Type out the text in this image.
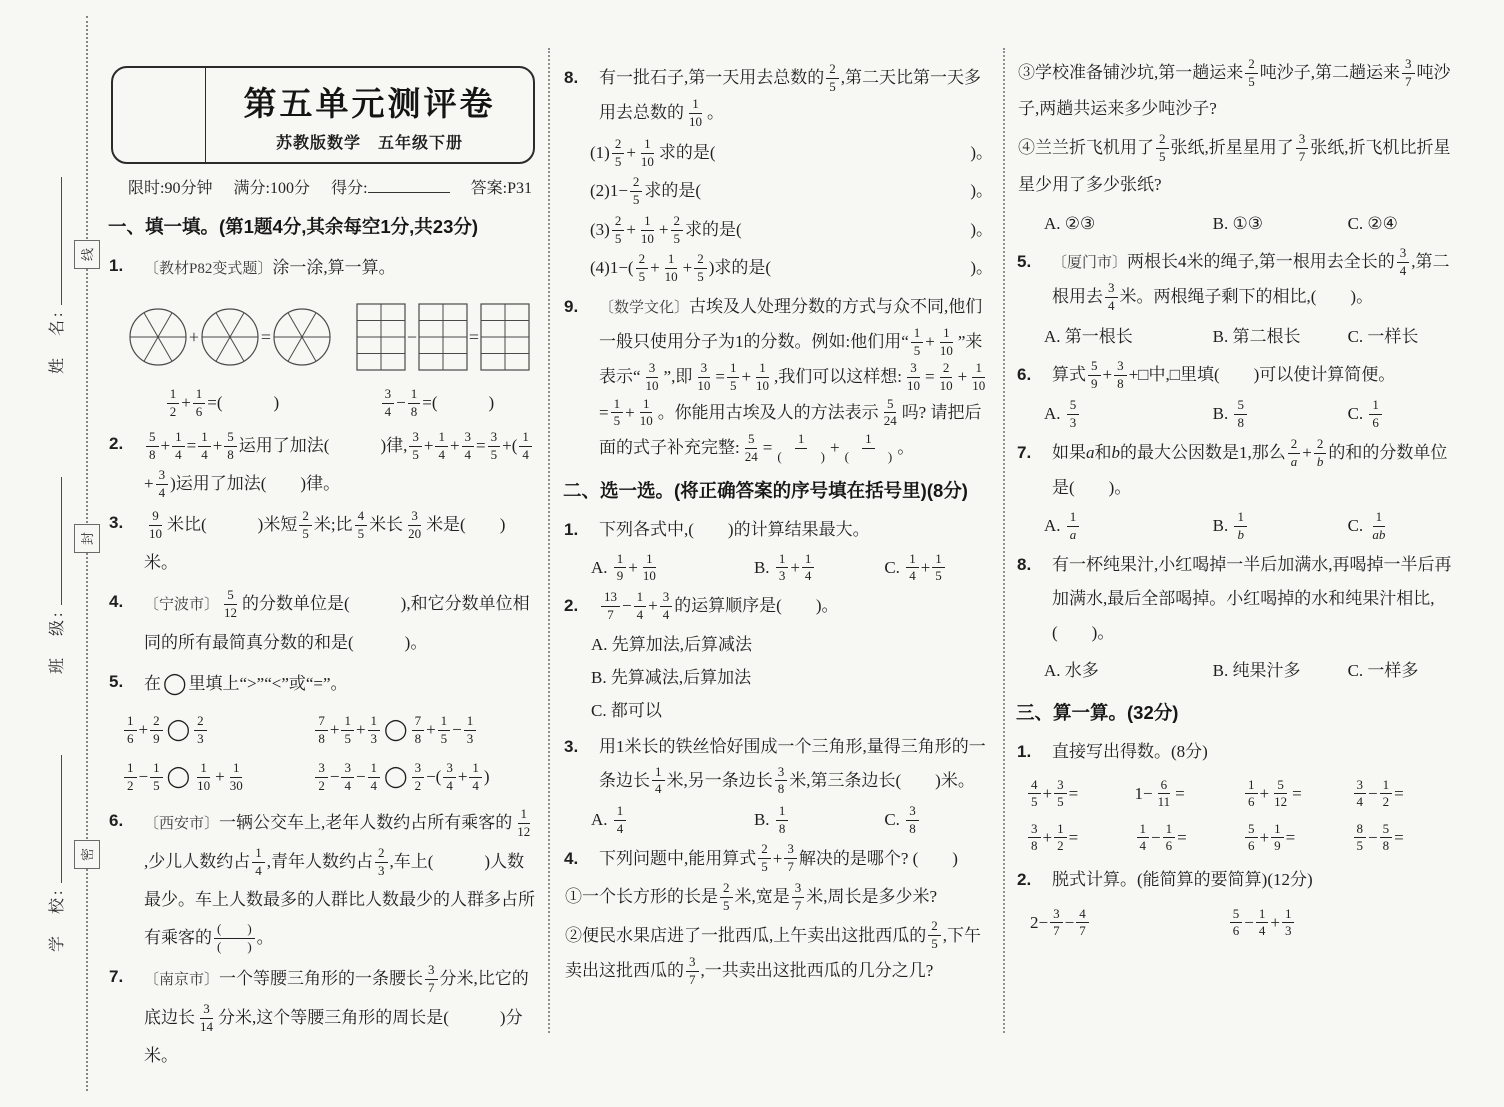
线
封
密
姓　名:
班　级:
学　校:
第五单元测评卷
苏教版数学　五年级下册
限时:90分钟 满分:100分 得分:	答案:P31
一、填一填。(第1题4分,其余每空1分,共23分)
1. 〔教材P82变式题〕涂一涂,算一算。
+	=	−	=
$\frac{1}{2} + \frac{1}{6}$ =(　　　)	$\frac{3}{4} - \frac{1}{8}$ =(　　　)
2. $\frac{5}{8} + \frac{1}{4} = \frac{1}{4} + \frac{5}{8}$ 运用了加法(　　　)律, $\frac{3}{5} + \frac{1}{4} + \frac{3}{4} = \frac{3}{5}$ +( $\frac{1}{4}$
+ $\frac{3}{4}$ )运用了加法(　　)律。
3. $\frac{9}{10}$ 米比(　　　)米短 $\frac{2}{5}$ 米;比 $\frac{4}{5}$ 米长 $\frac{3}{20}$ 米是(　　)米。
4. 〔宁波市〕 $\frac{5}{12}$ 的分数单位是(　　　),和它分数单位相同的所有最简真分数的和是(　　　)。
5. 在◯ 里填上“>”“<”或“=”。
$\frac{1}{6} + \frac{2}{9}$ ◯ $\frac{2}{3}$	$\frac{7}{8} + \frac{1}{5} + \frac{1}{3}$ ◯ $\frac{7}{8} + \frac{1}{5} - \frac{1}{3}$
$\frac{1}{2} - \frac{1}{5}$ ◯ $\frac{1}{10} + \frac{1}{30}$	$\frac{3}{2} - \frac{3}{4} - \frac{1}{4}$ ◯ $\frac{3}{2}$ −( $\frac{3}{4} + \frac{1}{4}$ )
6. 〔西安市〕一辆公交车上,老年人数约占所有乘客的 $\frac{1}{12}$
,少儿人数约占 $\frac{1}{4}$ ,青年人数约占 $\frac{2}{3}$ ,车上(　　　)人数最少。车上人数最多的人群比人数最少的人群多占所有乘客的 $\frac{( )}{( )}$ 。
7. 〔南京市〕一个等腰三角形的一条腰长 $\frac{3}{7}$ 分米,比它的底边长 $\frac{3}{14}$ 分米,这个等腰三角形的周长是(　　　)分米。
8. 有一批石子,第一天用去总数的 $\frac{2}{5}$ ,第二天比第一天多用去总数的 $\frac{1}{10}$ 。
$(1) \frac{2}{5} + \frac{1}{10}$ 求的是(	)。
$(2)1- \frac{2}{5}$ 求的是(	)。
$(3) \frac{2}{5} + \frac{1}{10} + \frac{2}{5}$ 求的是(	)。
$(4)1-( \frac{2}{5} + \frac{1}{10} + \frac{2}{5}$ )求的是(	)。
9. 〔数学文化〕古埃及人处理分数的方式与众不同,他们一般只使用分子为1的分数。例如:他们用“ $\frac{1}{5} + \frac{1}{10}$ ”来表示“ $\frac{3}{10}$ ”,即 $\frac{3}{10} = \frac{1}{5} + \frac{1}{10}$ ,我们可以这样想: $\frac{3}{10} = \frac{2}{10} + \frac{1}{10}$
= $\frac{1}{5} + \frac{1}{10}$ 。你能用古埃及人的方法表示 $\frac{5}{24}$ 吗? 请把后面的式子补充完整: $\frac{5}{24} = \frac{1}{( )} + \frac{1}{( )}$ 。
二、选一选。(将正确答案的序号填在括号里)(8分)
1. 下列各式中,(　　)的计算结果最大。
A. $\frac{1}{9} + \frac{1}{10}$	B. $\frac{1}{3} + \frac{1}{4}$	C. $\frac{1}{4} + \frac{1}{5}$
2. $\frac{13}{7} - \frac{1}{4} + \frac{3}{4}$ 的运算顺序是(　　)。
A. 先算加法,后算减法
B. 先算减法,后算加法
C. 都可以
3. 用1米长的铁丝恰好围成一个三角形,量得三角形的一条边长 $\frac{1}{4}$ 米,另一条边长 $\frac{3}{8}$ 米,第三条边长(　　)米。
A. $\frac{1}{4}$	B. $\frac{1}{8}$	C. $\frac{3}{8}$
4. 下列问题中,能用算式 $\frac{2}{5} + \frac{3}{7}$ 解决的是哪个? (　　)
①一个长方形的长是 $\frac{2}{5}$ 米,宽是 $\frac{3}{7}$ 米,周长是多少米?
②便民水果店进了一批西瓜,上午卖出这批西瓜的 $\frac{2}{5}$ ,下午卖出这批西瓜的 $\frac{3}{7}$ ,一共卖出这批西瓜的几分之几?
③学校准备铺沙坑,第一趟运来 $\frac{2}{5}$ 吨沙子,第二趟运来 $\frac{3}{7}$ 吨沙子,两趟共运来多少吨沙子?
④兰兰折飞机用了 $\frac{2}{5}$ 张纸,折星星用了 $\frac{3}{7}$ 张纸,折飞机比折星星少用了多少张纸?
A. ②③	B. ①③	C. ②④
5. 〔厦门市〕两根长4米的绳子,第一根用去全长的 $\frac{3}{4}$ ,第二根用去 $\frac{3}{4}$ 米。两根绳子剩下的相比,(　　)。
A. 第一根长	B. 第二根长	C. 一样长
6. 算式 $\frac{5}{9} + \frac{3}{8}$ +□中,□里填(　　)可以使计算简便。
A. $\frac{5}{3}$	B. $\frac{5}{8}$	C. $\frac{1}{6}$
7. 如果a和b的最大公因数是1,那么 $\frac{2}{a} + \frac{2}{b}$ 的和的分数单位是(　　)。
A. $\frac{1}{a}$	B. $\frac{1}{b}$	C. $\frac{1}{ab}$
8. 有一杯纯果汁,小红喝掉一半后加满水,再喝掉一半后再加满水,最后全部喝掉。小红喝掉的水和纯果汁相比,(　　)。
A. 水多	B. 纯果汁多	C. 一样多
三、算一算。(32分)
1. 直接写出得数。(8分)
$\frac{4}{5} + \frac{3}{5}$ =	$1- \frac{6}{11}$ =	$\frac{1}{6} + \frac{5}{12}$ =	$\frac{3}{4} - \frac{1}{2}$ =
$\frac{3}{8} + \frac{1}{2}$ =	$\frac{1}{4} - \frac{1}{6}$ =	$\frac{5}{6} + \frac{1}{9}$ =	$\frac{8}{5} - \frac{5}{8}$ =
2. 脱式计算。(能简算的要简算)(12分)
$2- \frac{3}{7} - \frac{4}{7}$	$\frac{5}{6} - \frac{1}{4} + \frac{1}{3}$
